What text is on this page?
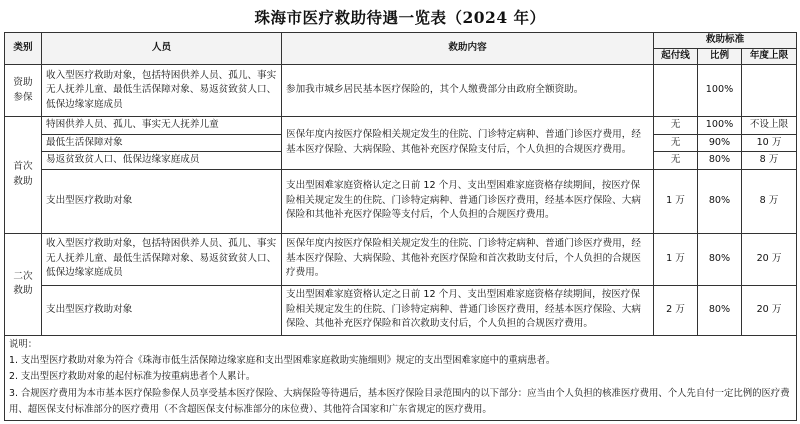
珠海市医疗救助待遇一览表（2024 年）
类别	人员	救助内容	救助标准		
			起付线	比例	年度上限
资助参保	收入型医疗救助对象，包括特困供养人员、孤儿、事实无人抚养儿童、最低生活保障对象、易返贫致贫人口、低保边缘家庭成员	参加我市城乡居民基本医疗保险的，其个人缴费部分由政府全额资助。		100%	
首次救助	特困供养人员、孤儿、事实无人抚养儿童	医保年度内按医疗保险相关规定发生的住院、门诊特定病种、普通门诊医疗费用，经基本医疗保险、大病保险、其他补充医疗保险支付后，个人负担的合规医疗费用。	无	100%	不设上限
	最低生活保障对象		无	90%	10 万
	易返贫致贫人口、低保边缘家庭成员		无	80%	8 万
	支出型医疗救助对象	支出型困难家庭资格认定之日前 12 个月、支出型困难家庭资格存续期间，按医疗保险相关规定发生的住院、门诊特定病种、普通门诊医疗费用，经基本医疗保险、大病保险和其他补充医疗保险等支付后，个人负担的合规医疗费用。	1 万	80%	8 万
二次救助	收入型医疗救助对象，包括特困供养人员、孤儿、事实无人抚养儿童、最低生活保障对象、易返贫致贫人口、低保边缘家庭成员	医保年度内按医疗保险相关规定发生的住院、门诊特定病种、普通门诊医疗费用，经基本医疗保险、大病保险、其他补充医疗保险和首次救助支付后，个人负担的合规医疗费用。	1 万	80%	20 万
	支出型医疗救助对象	支出型困难家庭资格认定之日前 12 个月、支出型困难家庭资格存续期间，按医疗保险相关规定发生的住院、门诊特定病种、普通门诊医疗费用，经基本医疗保险、大病保险、其他补充医疗保险和首次救助支付后，个人负担的合规医疗费用。	2 万	80%	20 万

说明：
1. 支出型医疗救助对象为符合《珠海市低生活保障边缘家庭和支出型困难家庭救助实施细则》规定的支出型困难家庭中的重病患者。
2. 支出型医疗救助对象的起付标准为按重病患者个人累计。
3. 合规医疗费用为本市基本医疗保险参保人员享受基本医疗保险、大病保险等待遇后，基本医疗保险目录范围内的以下部分：应当由个人负担的核准医疗费用、个人先自付一定比例的医疗费用、超医保支付标准部分的医疗费用（不含超医保支付标准部分的床位费）、其他符合国家和广东省规定的医疗费用。					
